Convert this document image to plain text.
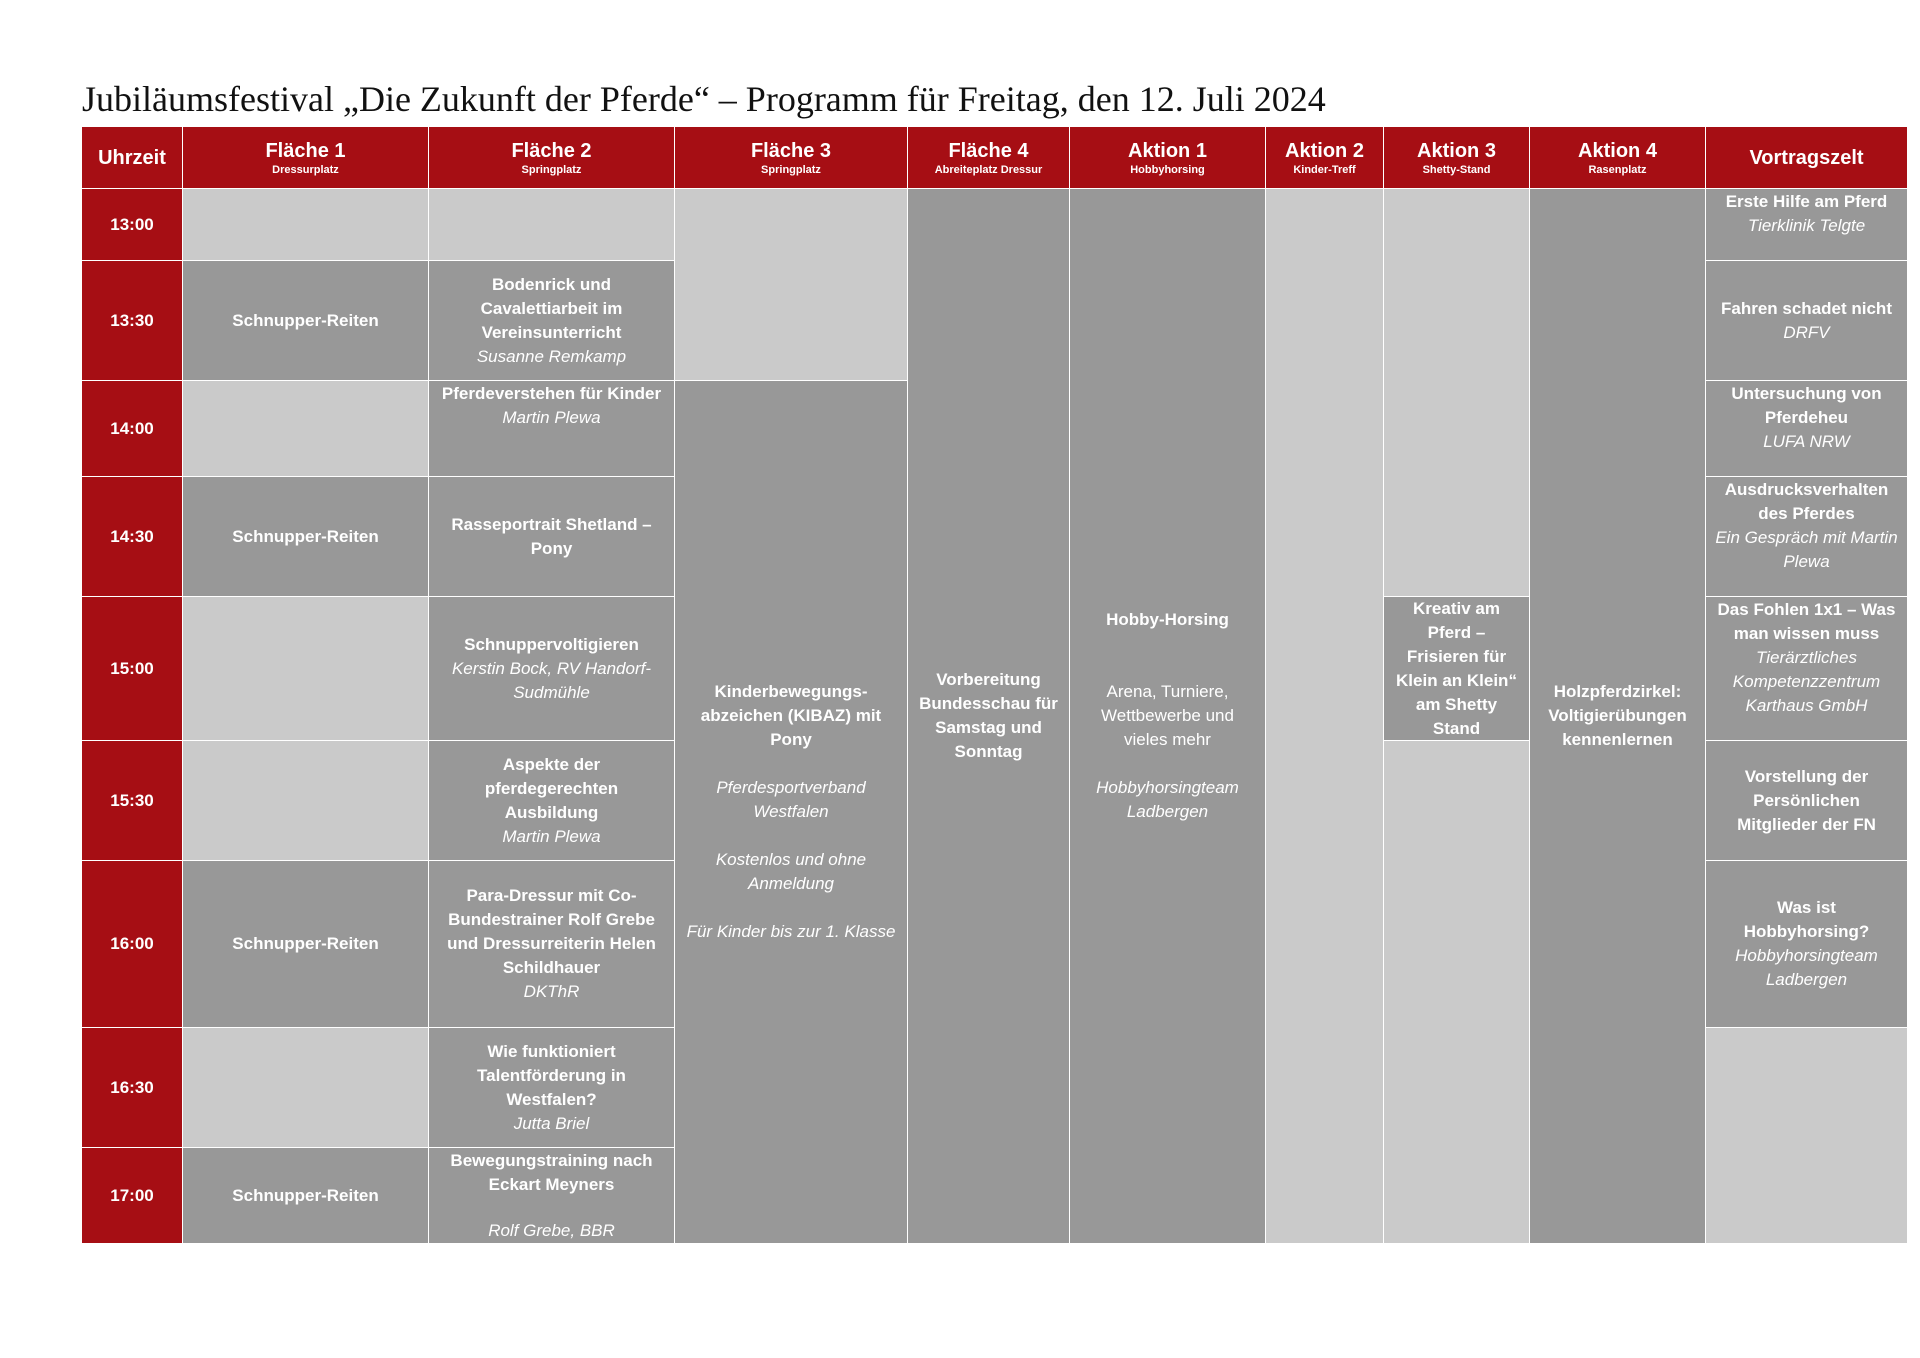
Jubiläumsfestival „Die Zukunft der Pferde“ – Programm für Freitag, den 12. Juli 2024
Uhrzeit	Fläche 1
Dressurplatz
Fläche 2
Springplatz
Fläche 3
Springplatz
Fläche 4
Abreiteplatz Dressur
Aktion 1
Hobbyhorsing
Aktion 2
Kinder-Treff
Aktion 3
Shetty-Stand
Aktion 4
Rasenplatz
Vortragszelt
13:00
13:30
14:00
14:30
15:00
15:30
16:00
16:30
17:00
Schnupper-Reiten
Schnupper-Reiten
Schnupper-Reiten
Schnupper-Reiten
Bodenrick und Cavalettiarbeit im Vereinsunterricht
Susanne Remkamp
Pferdeverstehen für Kinder
Martin Plewa
Rasseportrait Shetland – Pony
Schnuppervoltigieren
Kerstin Bock, RV Handorf-Sudmühle
Aspekte der pferdegerechten Ausbildung
Martin Plewa
Para-Dressur mit Co-Bundestrainer Rolf Grebe und Dressurreiterin Helen Schildhauer
DKThR
Wie funktioniert Talentförderung in Westfalen?
Jutta Briel
Bewegungstraining nach Eckart Meyners
Rolf Grebe, BBR
Kinderbewegungs-abzeichen (KIBAZ) mit Pony
Pferdesportverband Westfalen
Kostenlos und ohne Anmeldung
Für Kinder bis zur 1. Klasse
Vorbereitung Bundesschau für Samstag und Sonntag
Hobby-Horsing
Arena, Turniere, Wettbewerbe und vieles mehr
Hobbyhorsingteam Ladbergen
Kreativ am Pferd – Frisieren für Klein an Klein“ am Shetty Stand
Holzpferdzirkel: Voltigierübungen kennenlernen
Erste Hilfe am Pferd
Tierklinik Telgte
Fahren schadet nicht
DRFV
Untersuchung von Pferdeheu
LUFA NRW
Ausdrucksverhalten des Pferdes
Ein Gespräch mit Martin Plewa
Das Fohlen 1x1 – Was man wissen muss
Tierärztliches Kompetenzzentrum Karthaus GmbH
Vorstellung der Persönlichen Mitglieder der FN
Was ist Hobbyhorsing?
Hobbyhorsingteam Ladbergen
